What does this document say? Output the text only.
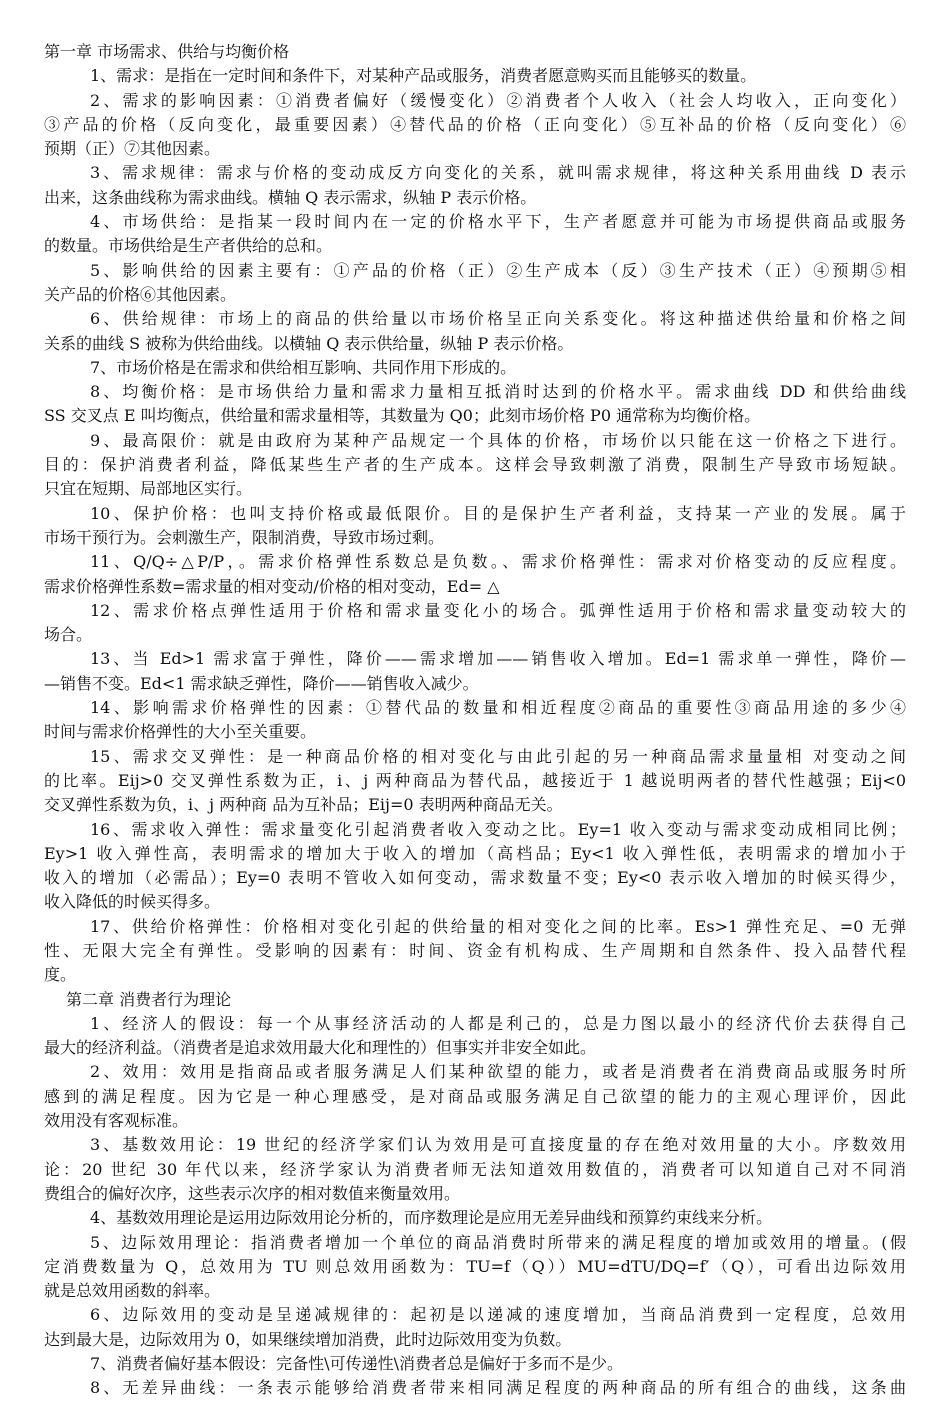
第一章 市场需求、供给与均衡价格
1、需求：是指在一定时间和条件下，对某种产品或服务，消费者愿意购买而且能够买的数量。
2、需求的影响因素：①消费者偏好（缓慢变化）②消费者个人收入（社会人均收入，正向变化）
③产品的价格（反向变化，最重要因素）④替代品的价格（正向变化）⑤互补品的价格（反向变化）⑥
预期（正）⑦其他因素。
3、需求规律：需求与价格的变动成反方向变化的关系，就叫需求规律，将这种关系用曲线 D 表示
出来，这条曲线称为需求曲线。横轴 Q 表示需求，纵轴 P 表示价格。
4、市场供给：是指某一段时间内在一定的价格水平下，生产者愿意并可能为市场提供商品或服务
的数量。市场供给是生产者供给的总和。
5、影响供给的因素主要有：①产品的价格（正）②生产成本（反）③生产技术（正）④预期⑤相
关产品的价格⑥其他因素。
6、供给规律：市场上的商品的供给量以市场价格呈正向关系变化。将这种描述供给量和价格之间
关系的曲线 S 被称为供给曲线。以横轴 Q 表示供给量，纵轴 P 表示价格。
7、市场价格是在需求和供给相互影响、共同作用下形成的。
8、均衡价格：是市场供给力量和需求力量相互抵消时达到的价格水平。需求曲线 DD 和供给曲线
SS 交叉点 E 叫均衡点，供给量和需求量相等，其数量为 Q0；此刻市场价格 P0 通常称为均衡价格。
9、最高限价：就是由政府为某种产品规定一个具体的价格，市场价以只能在这一价格之下进行。
目的：保护消费者利益，降低某些生产者的生产成本。这样会导致刺激了消费，限制生产导致市场短缺。
只宜在短期、局部地区实行。
10、保护价格：也叫支持价格或最低限价。目的是保护生产者利益，支持某一产业的发展。属于
市场干预行为。会刺激生产，限制消费，导致市场过剩。
11、Q/Q÷△P/P，。需求价格弹性系数总是负数。、需求价格弹性：需求对价格变动的反应程度。
需求价格弹性系数=需求量的相对变动/价格的相对变动，Ed= △
12、需求价格点弹性适用于价格和需求量变化小的场合。弧弹性适用于价格和需求量变动较大的
场合。
13、当 Ed>1 需求富于弹性，降价——需求增加——销售收入增加。Ed=1 需求单一弹性，降价—
—销售不变。Ed<1 需求缺乏弹性，降价——销售收入减少。
14、影响需求价格弹性的因素：①替代品的数量和相近程度②商品的重要性③商品用途的多少④
时间与需求价格弹性的大小至关重要。
15、需求交叉弹性：是一种商品价格的相对变化与由此引起的另一种商品需求量量相 对变动之间
的比率。Eij>0 交叉弹性系数为正，i、j 两种商品为替代品，越接近于 1 越说明两者的替代性越强；Eij<0
交叉弹性系数为负，i、j 两种商 品为互补品；Eij=0 表明两种商品无关。
16、需求收入弹性：需求量变化引起消费者收入变动之比。Ey=1 收入变动与需求变动成相同比例；
Ey>1 收入弹性高，表明需求的增加大于收入的增加（高档品；Ey<1 收入弹性低，表明需求的增加小于
收入的增加（必需品）；Ey=0 表明不管收入如何变动，需求数量不变；Ey<0 表示收入增加的时候买得少，
收入降低的时候买得多。
17、供给价格弹性：价格相对变化引起的供给量的相对变化之间的比率。Es>1 弹性充足、=0 无弹
性、无限大完全有弹性。受影响的因素有：时间、资金有机构成、生产周期和自然条件、投入品替代程
度。
第二章 消费者行为理论
1、经济人的假设：每一个从事经济活动的人都是利己的，总是力图以最小的经济代价去获得自己
最大的经济利益。（消费者是追求效用最大化和理性的）但事实并非安全如此。
2、效用：效用是指商品或者服务满足人们某种欲望的能力，或者是消费者在消费商品或服务时所
感到的满足程度。因为它是一种心理感受，是对商品或服务满足自己欲望的能力的主观心理评价，因此
效用没有客观标准。
3、基数效用论：19 世纪的经济学家们认为效用是可直接度量的存在绝对效用量的大小。序数效用
论：20 世纪 30 年代以来，经济学家认为消费者师无法知道效用数值的，消费者可以知道自己对不同消
费组合的偏好次序，这些表示次序的相对数值来衡量效用。
4、基数效用理论是运用边际效用论分析的，而序数理论是应用无差异曲线和预算约束线来分析。
5、边际效用理论：指消费者增加一个单位的商品消费时所带来的满足程度的增加或效用的增量。(假
定消费数量为 Q，总效用为 TU 则总效用函数为：TU=f（Q））MU=dTU/DQ=f′（Q），可看出边际效用
就是总效用函数的斜率。
6、边际效用的变动是呈递减规律的：起初是以递减的速度增加，当商品消费到一定程度，总效用
达到最大是，边际效用为 0，如果继续增加消费，此时边际效用变为负数。
7、消费者偏好基本假设：完备性\可传递性\消费者总是偏好于多而不是少。
8、无差异曲线：一条表示能够给消费者带来相同满足程度的两种商品的所有组合的曲线，这条曲
